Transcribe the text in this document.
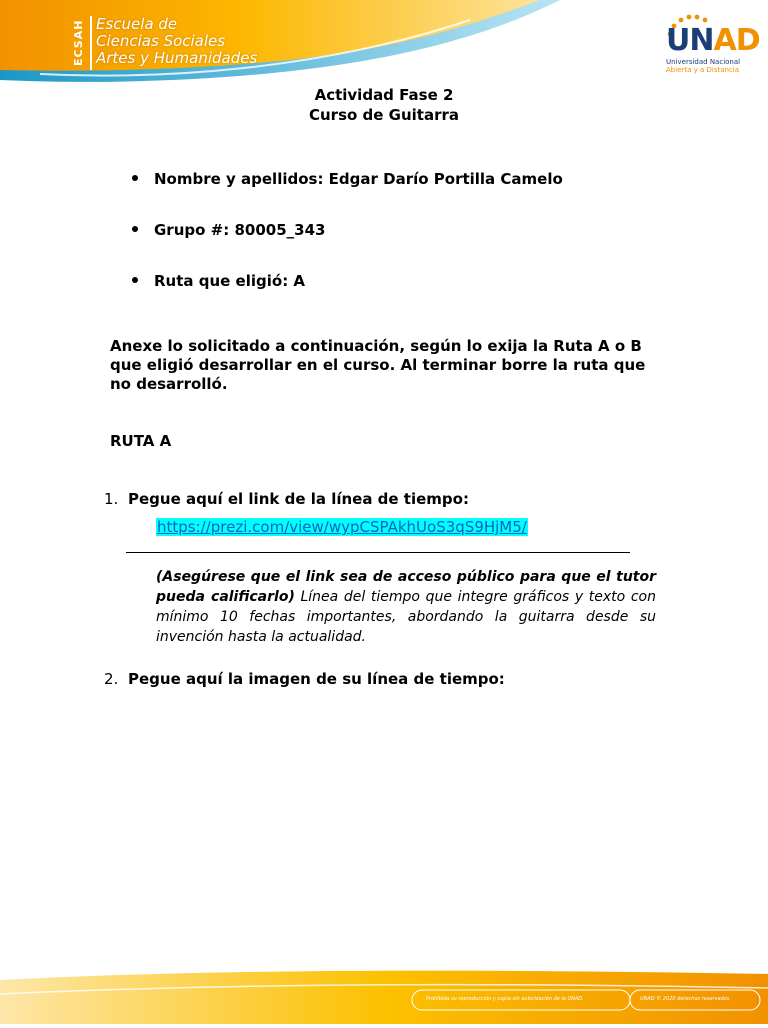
ECSAH Escuela de
Ciencias Sociales
Artes y Humanidades	UNAD
Universidad Nacional
Abierta y a Distancia
Actividad Fase 2
Curso de Guitarra
Nombre y apellidos: Edgar Darío Portilla Camelo
Grupo #: 80005_343
Ruta que eligió: A
Anexe lo solicitado a continuación, según lo exija la Ruta A o B que eligió desarrollar en el curso. Al terminar borre la ruta que no desarrolló.
RUTA A
1. Pegue aquí el link de la línea de tiempo:
https://prezi.com/view/wypCSPAkhUoS3qS9HjM5/
(Asegúrese que el link sea de acceso público para que el tutor pueda calificarlo) Línea del tiempo que integre gráficos y texto con mínimo 10 fechas importantes, abordando la guitarra desde su invención hasta la actualidad.
2. Pegue aquí la imagen de su línea de tiempo:
Prohibida su reproducción y copia sin autorización de la UNAD.	UNAD © 2020 derechos reservados
